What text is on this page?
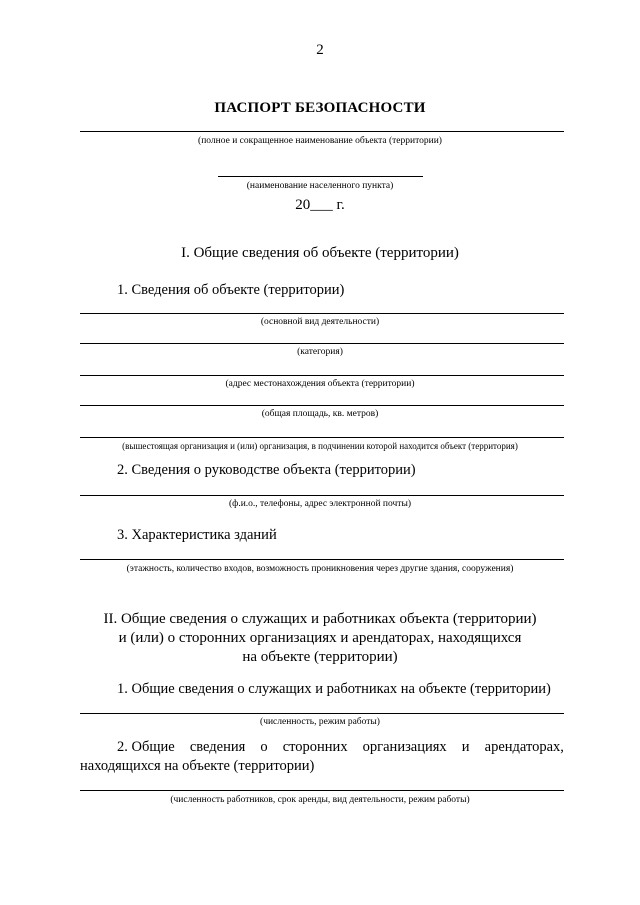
2
ПАСПОРТ БЕЗОПАСНОСТИ
(полное и сокращенное наименование объекта (территории)
(наименование населенного пункта)
20___ г.
I. Общие сведения об объекте (территории)
1. Сведения об объекте (территории)
(основной вид деятельности)
(категория)
(адрес местонахождения объекта (территории)
(общая площадь, кв. метров)
(вышестоящая организация и (или) организация, в подчинении которой находится объект (территория)
2. Сведения о руководстве объекта (территории)
(ф.и.о., телефоны, адрес электронной почты)
3. Характеристика зданий
(этажность, количество входов, возможность проникновения через другие здания, сооружения)
II. Общие сведения о служащих и работниках объекта (территории)
и (или) о сторонних организациях и арендаторах, находящихся
на объекте (территории)
1. Общие сведения о служащих и работниках на объекте (территории)
(численность, режим работы)
2. Общие сведения о сторонних организациях и арендаторах,
находящихся на объекте (территории)
(численность работников, срок аренды, вид деятельности, режим работы)
